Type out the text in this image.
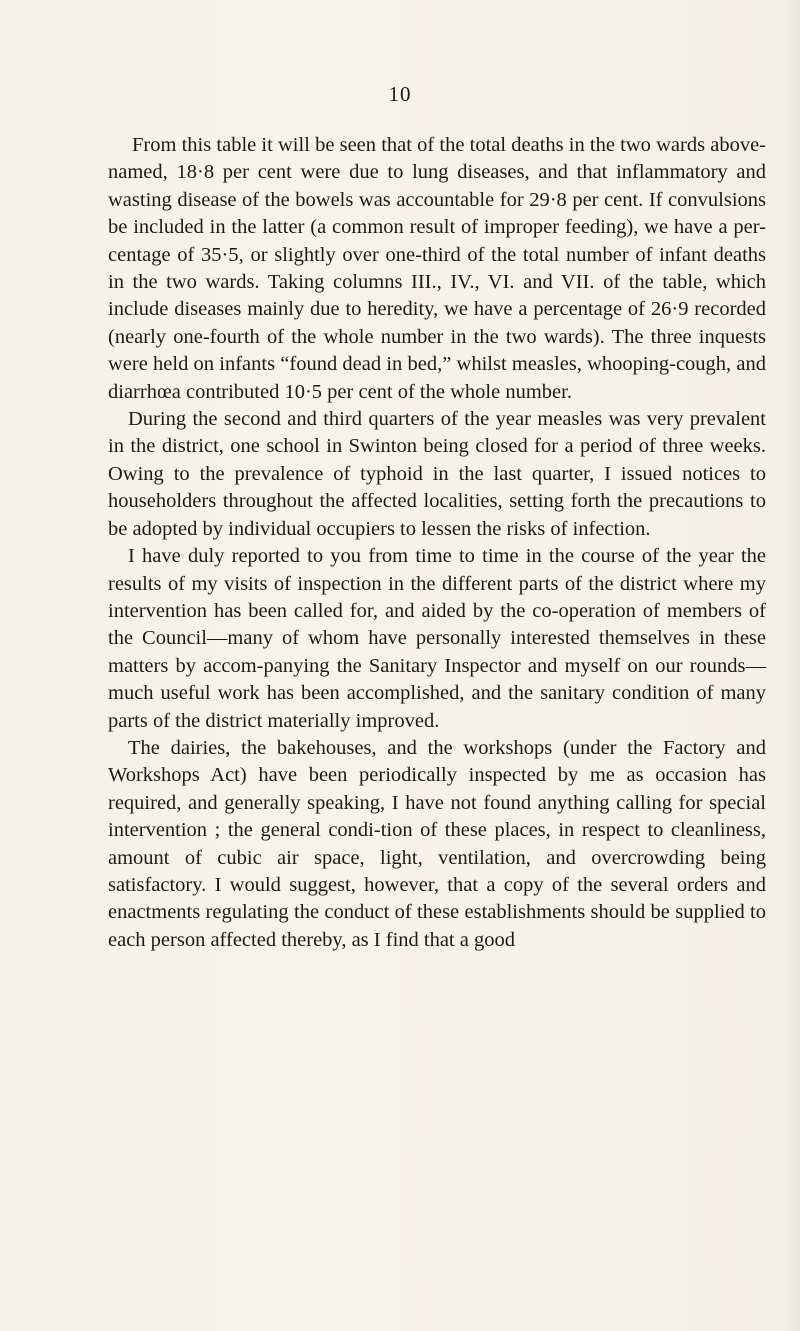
10

From this table it will be seen that of the total deaths in the two wards above-named, 18·8 per cent were due to lung diseases, and that inflammatory and wasting disease of the bowels was accountable for 29·8 per cent. If convulsions be included in the latter (a common result of improper feeding), we have a per-centage of 35·5, or slightly over one-third of the total number of infant deaths in the two wards. Taking columns III., IV., VI. and VII. of the table, which include diseases mainly due to heredity, we have a percentage of 26·9 recorded (nearly one-fourth of the whole number in the two wards). The three inquests were held on infants “found dead in bed,” whilst measles, whooping-cough, and diarrhœa contributed 10·5 per cent of the whole number.

During the second and third quarters of the year measles was very prevalent in the district, one school in Swinton being closed for a period of three weeks. Owing to the prevalence of typhoid in the last quarter, I issued notices to householders throughout the affected localities, setting forth the precautions to be adopted by individual occupiers to lessen the risks of infection.

I have duly reported to you from time to time in the course of the year the results of my visits of inspection in the different parts of the district where my intervention has been called for, and aided by the co-operation of members of the Council—many of whom have personally interested themselves in these matters by accom-panying the Sanitary Inspector and myself on our rounds—much useful work has been accomplished, and the sanitary condition of many parts of the district materially improved.

The dairies, the bakehouses, and the workshops (under the Factory and Workshops Act) have been periodically inspected by me as occasion has required, and generally speaking, I have not found anything calling for special intervention ; the general condi-tion of these places, in respect to cleanliness, amount of cubic air space, light, ventilation, and overcrowding being satisfactory. I would suggest, however, that a copy of the several orders and enactments regulating the conduct of these establishments should be supplied to each person affected thereby, as I find that a good
